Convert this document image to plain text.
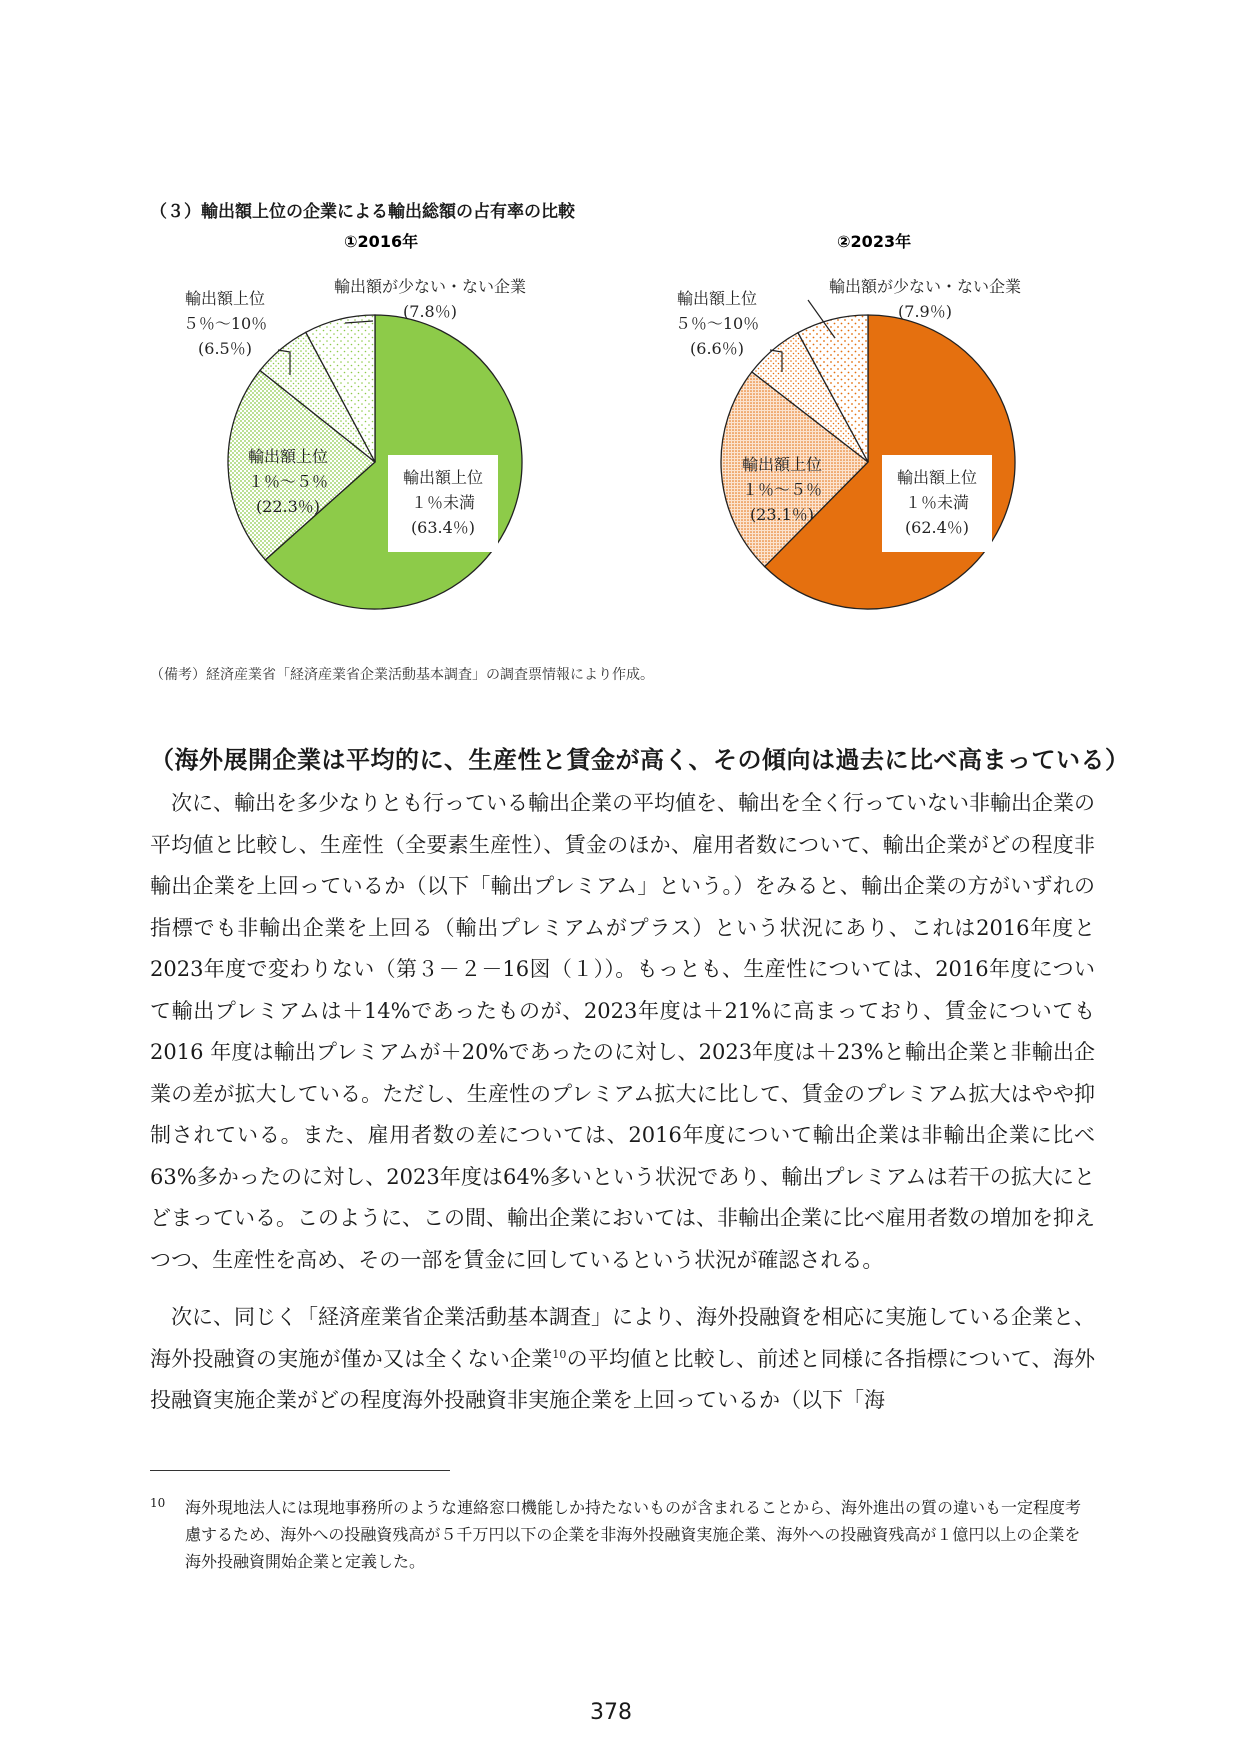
（３）輸出額上位の企業による輸出総額の占有率の比較
①2016年	②2023年
輸出額上位
１％未満
(63.4％)
輸出額上位
１％～５％
(22.3％)
輸出額上位
５％～10％
(6.5％)
輸出額が少ない・ない企業
(7.8％)
輸出額上位
１％未満
(62.4％)
輸出額上位
１％～５％
(23.1％)
輸出額上位
５％～10％
(6.6％)
輸出額が少ない・ない企業
(7.9％)
（備考）経済産業省「経済産業省企業活動基本調査」の調査票情報により作成。
（海外展開企業は平均的に、生産性と賃金が高く、その傾向は過去に比べ高まっている）

次に、輸出を多少なりとも行っている輸出企業の平均値を、輸出を全く行っていない非輸出企業の平均値と比較し、生産性（全要素生産性）、賃金のほか、雇用者数について、輸出企業がどの程度非輸出企業を上回っているか（以下「輸出プレミアム」という。）をみると、輸出企業の方がいずれの指標でも非輸出企業を上回る（輸出プレミアムがプラス）という状況にあり、これは2016年度と2023年度で変わりない（第３－２－16図（１））。もっとも、生産性については、2016年度について輸出プレミアムは＋14%であったものが、2023年度は＋21%に高まっており、賃金についても 2016 年度は輸出プレミアムが＋20%であったのに対し、2023年度は＋23%と輸出企業と非輸出企業の差が拡大している。ただし、生産性のプレミアム拡大に比して、賃金のプレミアム拡大はやや抑制されている。また、雇用者数の差については、2016年度について輸出企業は非輸出企業に比べ63%多かったのに対し、2023年度は64%多いという状況であり、輸出プレミアムは若干の拡大にとどまっている。このように、この間、輸出企業においては、非輸出企業に比べ雇用者数の増加を抑えつつ、生産性を高め、その一部を賃金に回しているという状況が確認される。

次に、同じく「経済産業省企業活動基本調査」により、海外投融資を相応に実施している企業と、海外投融資の実施が僅か又は全くない企業$^{10}$の平均値と比較し、前述と同様に各指標について、海外投融資実施企業がどの程度海外投融資非実施企業を上回っているか（以下「海

10 海外現地法人には現地事務所のような連絡窓口機能しか持たないものが含まれることから、海外進出の質の違いも一定程度考慮するため、海外への投融資残高が５千万円以下の企業を非海外投融資実施企業、海外への投融資残高が１億円以上の企業を海外投融資開始企業と定義した。
378
